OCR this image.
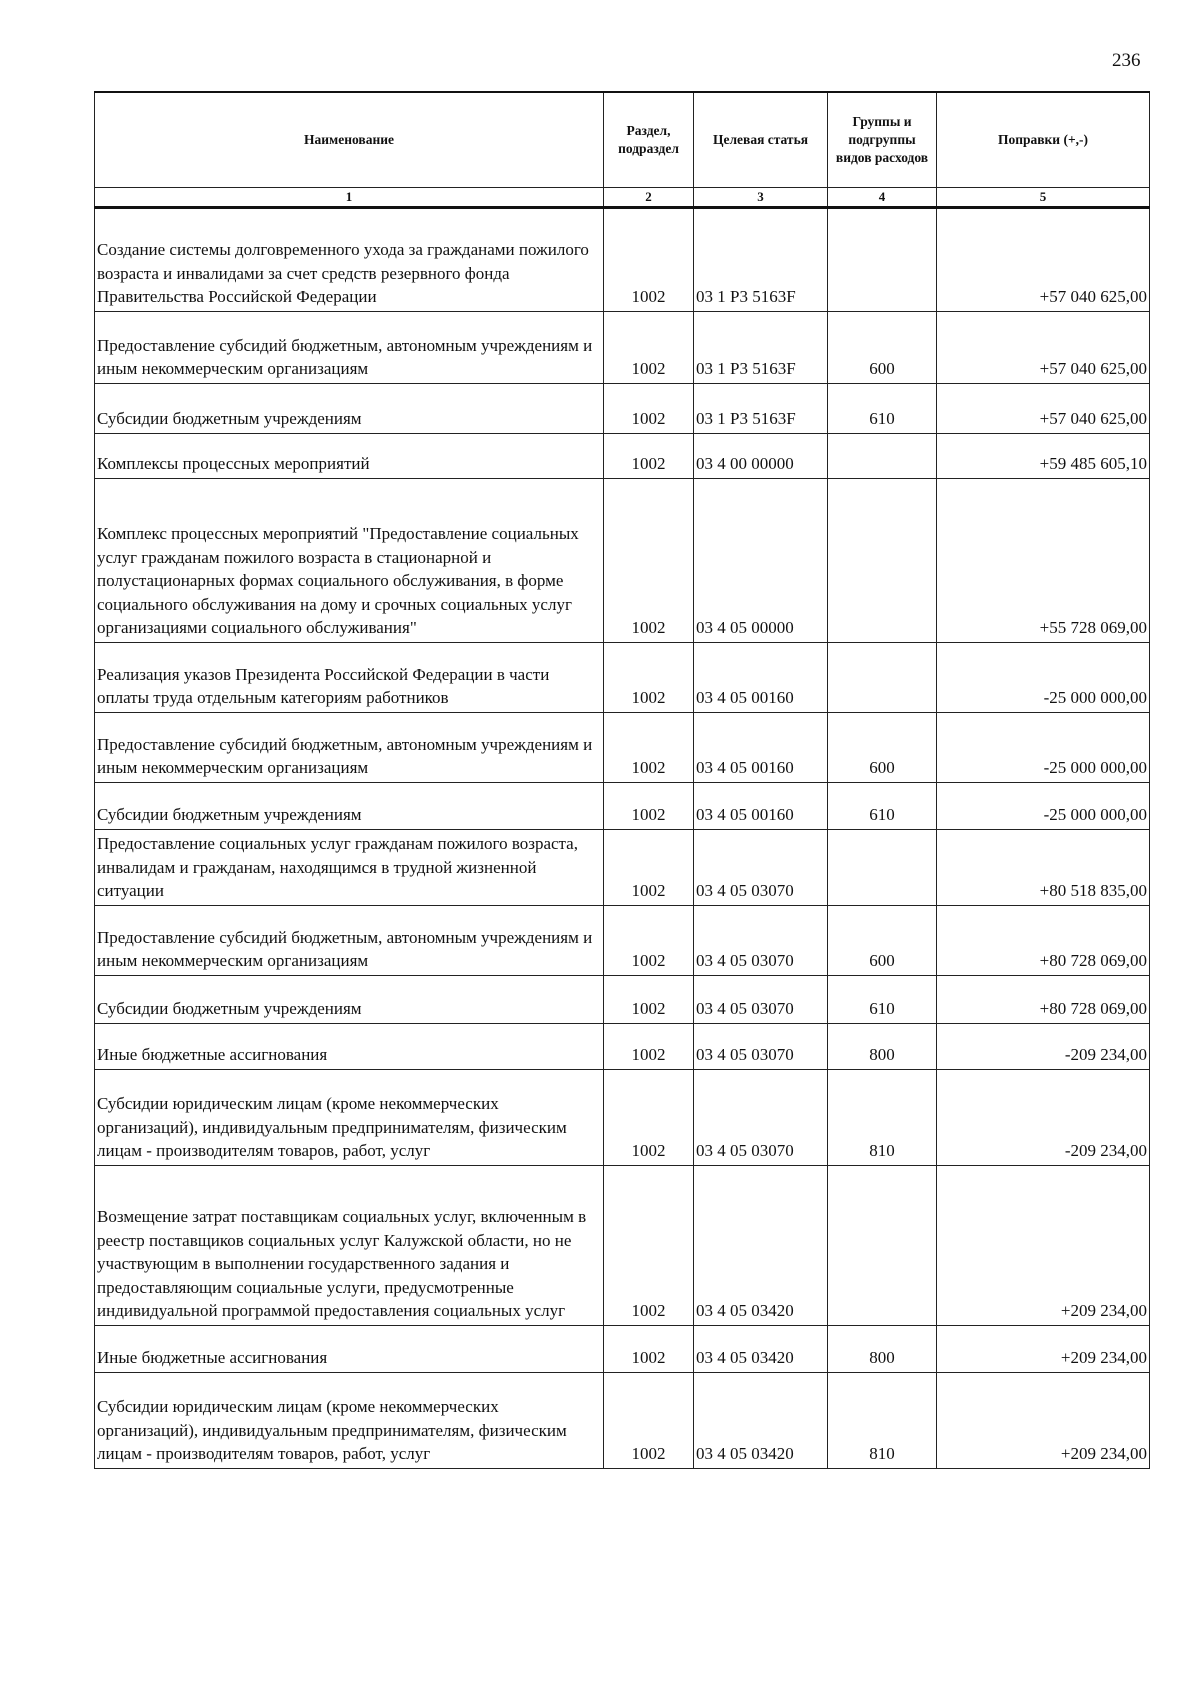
236
Наименование	Раздел, подраздел	Целевая статья	Группы и подгруппы видов расходов	Поправки (+,-)
1	2	3	4	5
Создание системы долговременного ухода за гражданами пожилого возраста и инвалидами за счет средств резервного фонда Правительства Российской Федерации	1002	03 1 Р3 5163F		+57 040 625,00
Предоставление субсидий бюджетным, автономным учреждениям и иным некоммерческим организациям	1002	03 1 Р3 5163F	600	+57 040 625,00
Субсидии бюджетным учреждениям	1002	03 1 Р3 5163F	610	+57 040 625,00
Комплексы процессных мероприятий	1002	03 4 00 00000		+59 485 605,10
Комплекс процессных мероприятий "Предоставление социальных услуг гражданам пожилого возраста в стационарной и полустационарных формах социального обслуживания, в форме социального обслуживания на дому и срочных социальных услуг организациями социального обслуживания"	1002	03 4 05 00000		+55 728 069,00
Реализация указов Президента Российской Федерации в части оплаты труда отдельным категориям работников	1002	03 4 05 00160		-25 000 000,00
Предоставление субсидий бюджетным, автономным учреждениям и иным некоммерческим организациям	1002	03 4 05 00160	600	-25 000 000,00
Субсидии бюджетным учреждениям	1002	03 4 05 00160	610	-25 000 000,00
Предоставление социальных услуг гражданам пожилого возраста, инвалидам и гражданам, находящимся в трудной жизненной ситуации	1002	03 4 05 03070		+80 518 835,00
Предоставление субсидий бюджетным, автономным учреждениям и иным некоммерческим организациям	1002	03 4 05 03070	600	+80 728 069,00
Субсидии бюджетным учреждениям	1002	03 4 05 03070	610	+80 728 069,00
Иные бюджетные ассигнования	1002	03 4 05 03070	800	-209 234,00
Субсидии юридическим лицам (кроме некоммерческих организаций), индивидуальным предпринимателям, физическим лицам - производителям товаров, работ, услуг	1002	03 4 05 03070	810	-209 234,00
Возмещение затрат поставщикам социальных услуг, включенным в реестр поставщиков социальных услуг Калужской области, но не участвующим в выполнении государственного задания и предоставляющим социальные услуги, предусмотренные индивидуальной программой предоставления социальных услуг	1002	03 4 05 03420		+209 234,00
Иные бюджетные ассигнования	1002	03 4 05 03420	800	+209 234,00
Субсидии юридическим лицам (кроме некоммерческих организаций), индивидуальным предпринимателям, физическим лицам - производителям товаров, работ, услуг	1002	03 4 05 03420	810	+209 234,00
